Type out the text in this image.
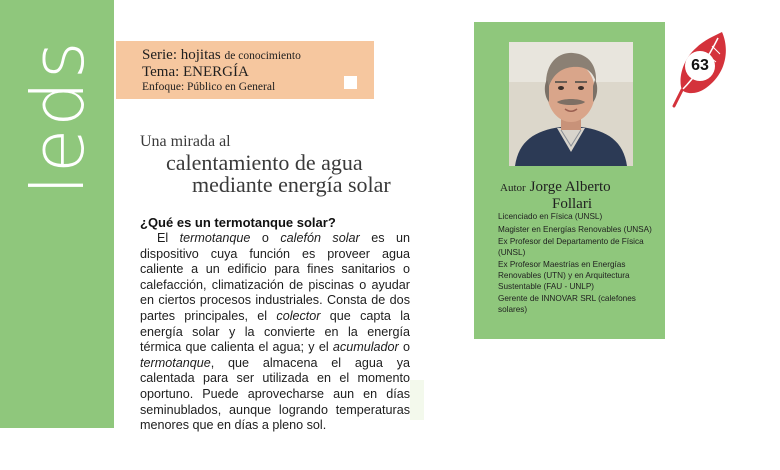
leds	Serie: hojitas de conocimiento
Tema: ENERGÍA
Enfoque: Público en General
Una mirada al
calentamiento de agua
mediante energía solar
¿Qué es un termotanque solar?
El termotanque o calefón solar es un dispositivo cuya función es proveer agua caliente a un edificio para fines sanitarios o calefacción, climatización de piscinas o ayudar en ciertos procesos industriales. Consta de dos partes principales, el colector que capta la energía solar y la convierte en la energía térmica que calienta el agua; y el acumulador o termotanque, que almacena el agua ya calentada para ser utilizada en el momento oportuno. Puede aprovecharse aun en días seminublados, aunque logrando temperaturas menores que en días a pleno sol.
Autor Jorge Alberto
Follari
Licenciado en Física (UNSL)
Magister en Energías Renovables (UNSA)
Ex Profesor del Departamento de Física (UNSL)
Ex Profesor Maestrías en Energías Renovables (UTN) y en Arquitectura Sustentable (FAU - UNLP)
Gerente de INNOVAR SRL (calefones solares)
63
